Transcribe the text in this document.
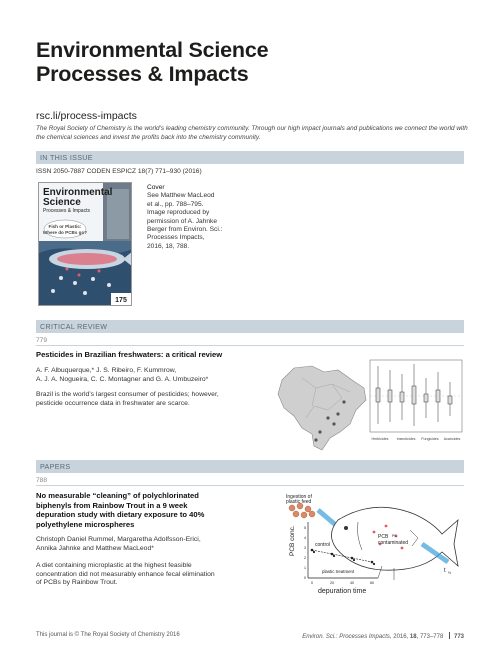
Environmental Science
Processes & Impacts
rsc.li/process-impacts
The Royal Society of Chemistry is the world’s leading chemistry community. Through our high impact journals and publications we connect the world with the chemical sciences and invest the profits back into the chemistry community.
IN THIS ISSUE
ISSN 2050-7887 CODEN ESPICZ 18(7) 771–930 (2016)
Environmental
Science
Processes & Impacts
Fish or Plastic:
Where do PCBs go?
175
Cover
See Matthew MacLeod
et al., pp. 788–795.
Image reproduced by
permission of A. Jahnke
Berger from Environ. Sci.:
Processes Impacts,
2016, 18, 788.
CRITICAL REVIEW
779
Pesticides in Brazilian freshwaters: a critical review
A. F. Albuquerque,* J. S. Ribeiro, F. Kummrow,
A. J. A. Nogueira, C. C. Montagner and G. A. Umbuzeiro*
Brazil is the world’s largest consumer of pesticides; however,
pesticide occurrence data in freshwater are scarce.
Herbicides Insecticides Fungicides Acaricides
PAPERS
788
No measurable “cleaning” of polychlorinated
biphenyls from Rainbow Trout in a 9 week
depuration study with dietary exposure to 40%
polyethylene microspheres
Christoph Daniel Rummel, Margaretha Adolfsson-Erici,
Annika Jahnke and Matthew MacLeod*
A diet containing microplastic at the highest feasible
concentration did not measurably enhance fecal elimination
of PCBs by Rainbow Trout.
Ingestion of
plastic feed
PCB
contaminated
PC
t ½
5
4
3
2
1
0
0	20	40	60
PCB conc.
depuration time
control
plastic treatment
This journal is © The Royal Society of Chemistry 2016	Environ. Sci.: Processes Impacts, 2016, 18, 773–778 773
